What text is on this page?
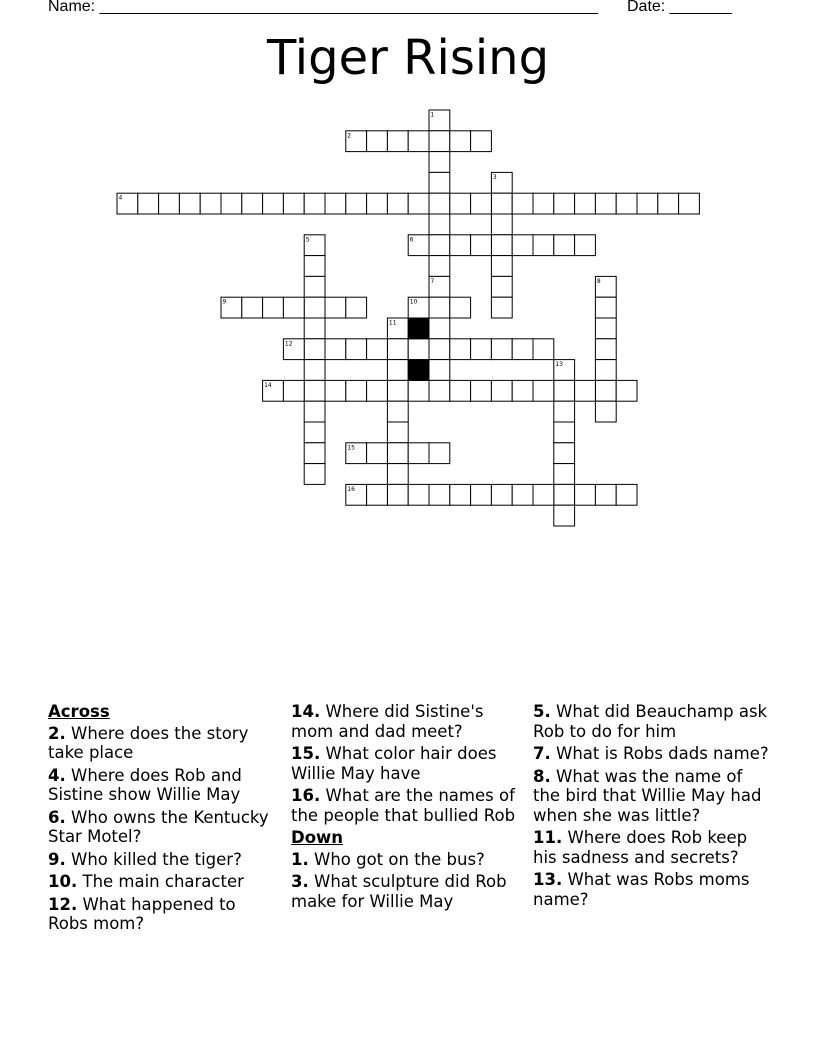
Name: ________________________________________________________ Date: _______
Tiger Rising
1
2
3
4
5	6
7	8
9	10
11
12
13
14
15
16
Across
2. Where does the story take place
4. Where does Rob and Sistine show Willie May
6. Who owns the Kentucky Star Motel?
9. Who killed the tiger?
10. The main character
12. What happened to Robs mom?
14. Where did Sistine's mom and dad meet?
15. What color hair does Willie May have
16. What are the names of the people that bullied Rob
Down
1. Who got on the bus?
3. What sculpture did Rob make for Willie May
5. What did Beauchamp ask Rob to do for him
7. What is Robs dads name?
8. What was the name of the bird that Willie May had when she was little?
11. Where does Rob keep his sadness and secrets?
13. What was Robs moms name?
